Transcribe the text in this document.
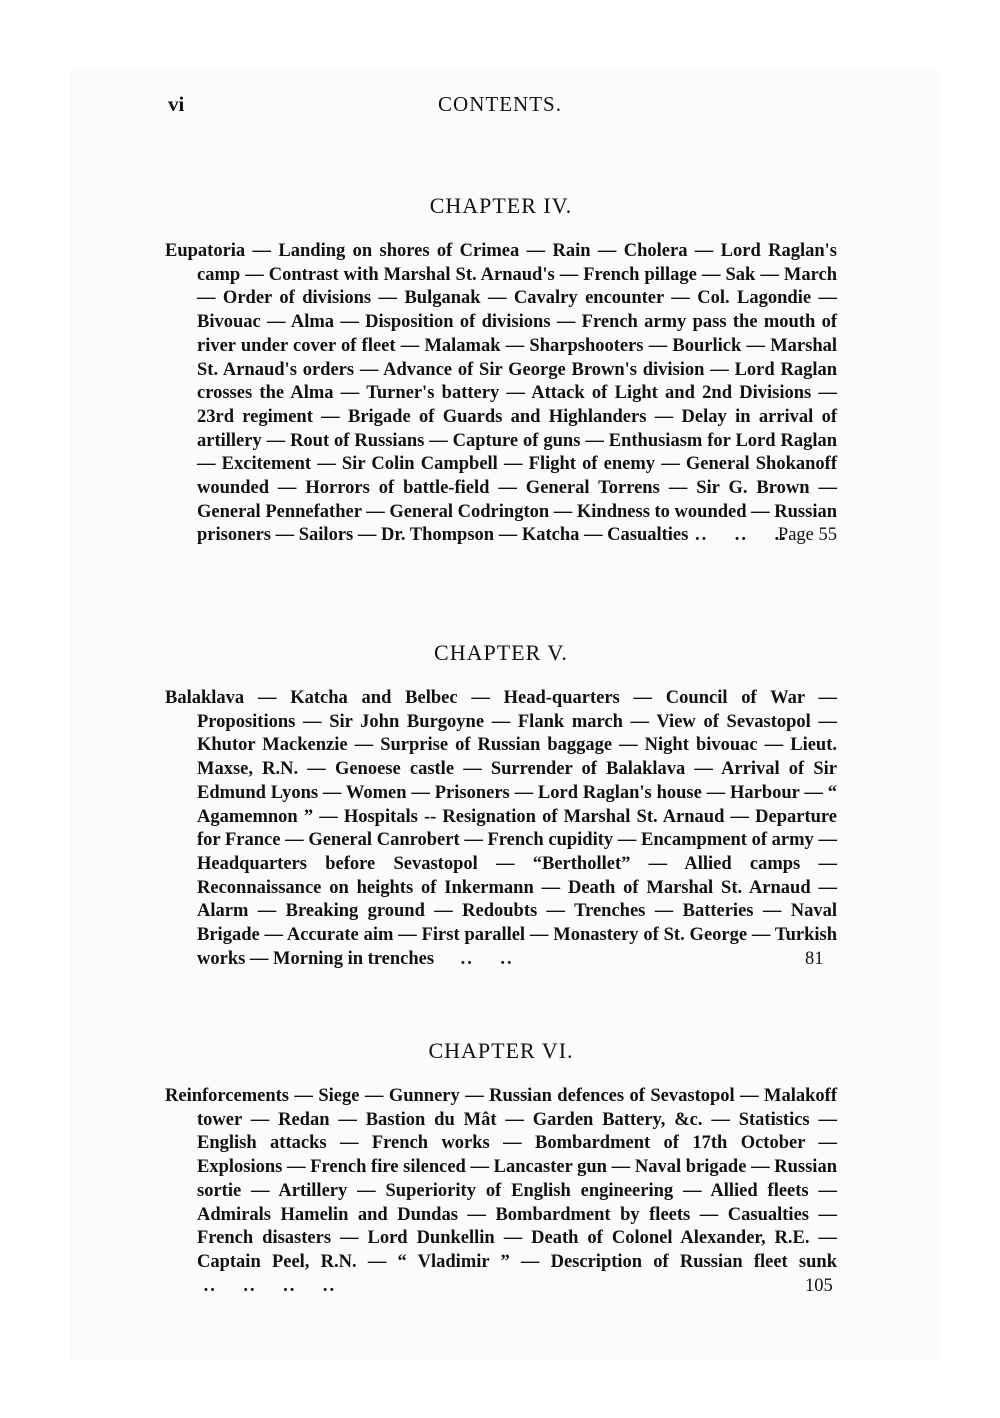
vi	CONTENTS.
CHAPTER IV.
Eupatoria — Landing on shores of Crimea — Rain — Cholera — Lord Raglan's camp — Contrast with Marshal St. Arnaud's — French pillage — Sak — March — Order of divisions — Bulganak — Cavalry encounter — Col. Lagondie — Bivouac — Alma — Disposition of divisions — French army pass the mouth of river under cover of fleet — Malamak — Sharpshooters — Bourlick — Marshal St. Arnaud's orders — Advance of Sir George Brown's division — Lord Raglan crosses the Alma — Turner's battery — Attack of Light and 2nd Divisions — 23rd regiment — Brigade of Guards and Highlanders — Delay in arrival of artillery — Rout of Russians — Capture of guns — Enthusiasm for Lord Raglan — Excitement — Sir Colin Campbell — Flight of enemy — General Shokanoff wounded — Horrors of battle-field — General Torrens — Sir G. Brown — General Pennefather — General Codrington — Kindness to wounded — Russian prisoners — Sailors — Dr. Thompson — Katcha — Casualties ..    ..    ..
Page 55
CHAPTER V.
Balaklava — Katcha and Belbec — Head-quarters — Council of War — Propositions — Sir John Burgoyne — Flank march — View of Sevastopol — Khutor Mackenzie — Surprise of Russian baggage — Night bivouac — Lieut. Maxse, R.N. — Genoese castle — Surrender of Balaklava — Arrival of Sir Edmund Lyons — Women — Prisoners — Lord Raglan's house — Harbour — “ Agamemnon ” — Hospitals -- Resignation of Marshal St. Arnaud — Departure for France — General Canrobert — French cupidity — Encampment of army — Headquarters before Sevastopol — “Berthollet” — Allied camps — Reconnaissance on heights of Inkermann — Death of Marshal St. Arnaud — Alarm — Breaking ground — Redoubts — Trenches — Batteries — Naval Brigade — Accurate aim — First parallel — Monastery of St. George — Turkish works — Morning in trenches    ..    ..	81
CHAPTER VI.
Reinforcements — Siege — Gunnery — Russian defences of Sevastopol — Malakoff tower — Redan — Bastion du Mât — Garden Battery, &c. — Statistics — English attacks — French works — Bombardment of 17th October — Explosions — French fire silenced — Lancaster gun — Naval brigade — Russian sortie — Artillery — Superiority of English engineering — Allied fleets — Admirals Hamelin and Dundas — Bombardment by fleets — Casualties — French disasters — Lord Dunkellin — Death of Colonel Alexander, R.E. — Captain Peel, R.N. — “ Vladimir ” — Description of Russian fleet sunk ..    ..    ..    ..	105
